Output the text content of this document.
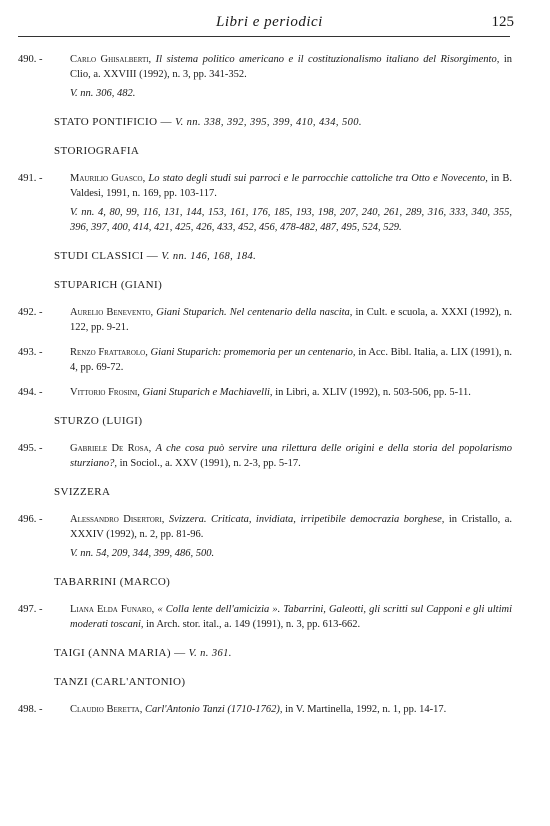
Libri e periodici	125
490. -	Carlo Ghisalberti, Il sistema politico americano e il costituzionalismo italiano del Risorgimento, in Clio, a. XXVIII (1992), n. 3, pp. 341-352.
V. nn. 306, 482.
STATO PONTIFICIO — V. nn. 338, 392, 395, 399, 410, 434, 500.
STORIOGRAFIA
491. -	Maurilio Guasco, Lo stato degli studi sui parroci e le parrocchie cattoliche tra Otto e Novecento, in B. Valdesi, 1991, n. 169, pp. 103-117.
V. nn. 4, 80, 99, 116, 131, 144, 153, 161, 176, 185, 193, 198, 207, 240, 261, 289, 316, 333, 340, 355, 396, 397, 400, 414, 421, 425, 426, 433, 452, 456, 478-482, 487, 495, 524, 529.
STUDI CLASSICI — V. nn. 146, 168, 184.
STUPARICH (GIANI)
492. -	Aurelio Benevento, Giani Stuparich. Nel centenario della nascita, in Cult. e scuola, a. XXXI (1992), n. 122, pp. 9-21.
493. -	Renzo Frattarolo, Giani Stuparich: promemoria per un centenario, in Acc. Bibl. Italia, a. LIX (1991), n. 4, pp. 69-72.
494. -	Vittorio Frosini, Giani Stuparich e Machiavelli, in Libri, a. XLIV (1992), n. 503-506, pp. 5-11.
STURZO (LUIGI)
495. -	Gabriele De Rosa, A che cosa può servire una rilettura delle origini e della storia del popolarismo sturziano?, in Sociol., a. XXV (1991), n. 2-3, pp. 5-17.
SVIZZERA
496. -	Alessandro Disertori, Svizzera. Criticata, invidiata, irripetibile democrazia borghese, in Cristallo, a. XXXIV (1992), n. 2, pp. 81-96.
V. nn. 54, 209, 344, 399, 486, 500.
TABARRINI (MARCO)
497. -	Liana Elda Funaro, « Colla lente dell'amicizia ». Tabarrini, Galeotti, gli scritti sul Capponi e gli ultimi moderati toscani, in Arch. stor. ital., a. 149 (1991), n. 3, pp. 613-662.
TAIGI (ANNA MARIA) — V. n. 361.
TANZI (CARL'ANTONIO)
498. -	Claudio Beretta, Carl'Antonio Tanzi (1710-1762), in V. Martinella, 1992, n. 1, pp. 14-17.
